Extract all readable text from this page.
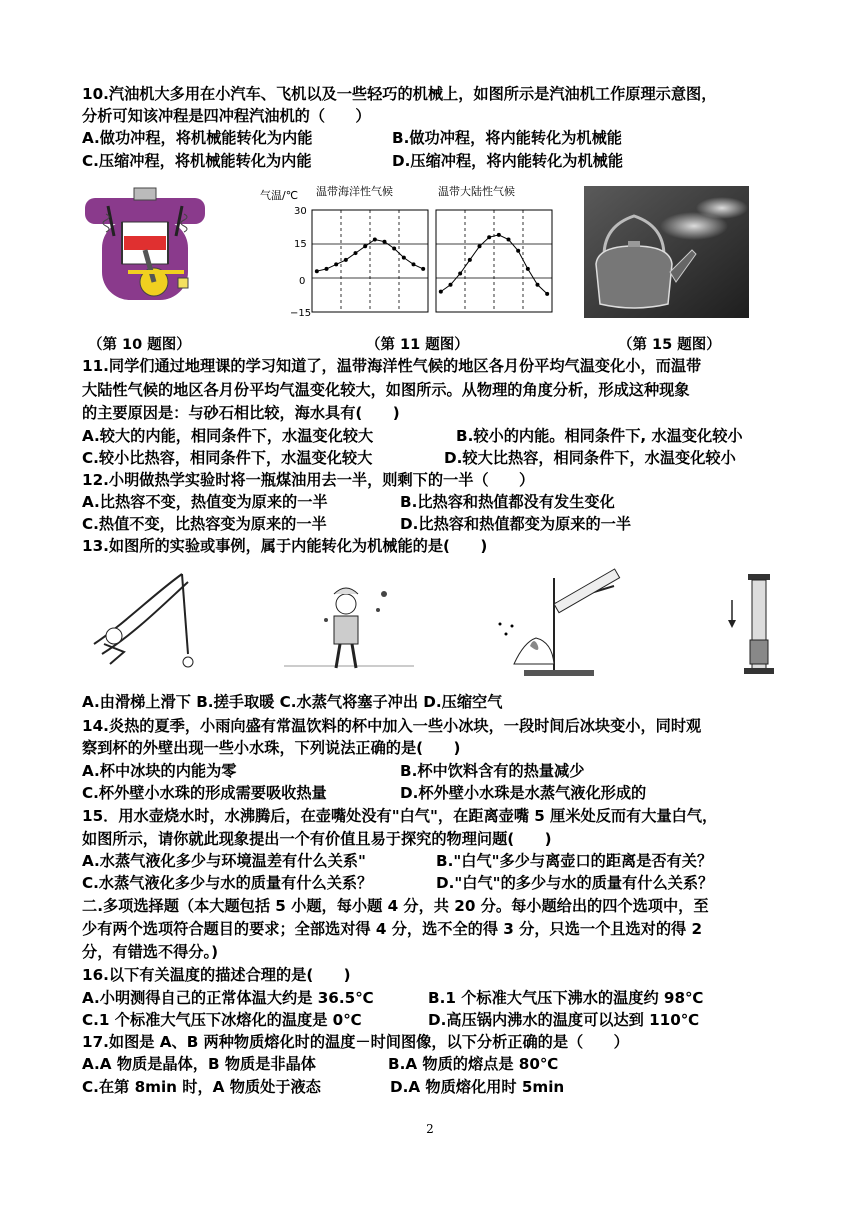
10.汽油机大多用在小汽车、飞机以及一些轻巧的机械上，如图所示是汽油机工作原理示意图，
分析可知该冲程是四冲程汽油机的（　　）
A.做功冲程，将机械能转化为内能	B.做功冲程，将内能转化为机械能
C.压缩冲程，将机械能转化为内能	D.压缩冲程，将内能转化为机械能
气温/℃ 温带海洋性气候	温带大陆性气候
30
15
0
−15
（第 10 题图）	（第 11 题图）	（第 15 题图）
11.同学们通过地理课的学习知道了，温带海洋性气候的地区各月份平均气温变化小，而温带
大陆性气候的地区各月份平均气温变化较大，如图所示。从物理的角度分析，形成这种现象
的主要原因是：与砂石相比较，海水具有(　　)
A.较大的内能，相同条件下，水温变化较大	B.较小的内能。相同条件下, 水温变化较小
C.较小比热容，相同条件下，水温变化较大	D.较大比热容，相同条件下，水温变化较小
12.小明做热学实验时将一瓶煤油用去一半，则剩下的一半（　　）
A.比热容不变，热值变为原来的一半	B.比热容和热值都没有发生变化
C.热值不变，比热容变为原来的一半	D.比热容和热值都变为原来的一半
13.如图所的实验或事例，属于内能转化为机械能的是(　　)
A.由滑梯上滑下 B.搓手取暖 C.水蒸气将塞子冲出 D.压缩空气
14.炎热的夏季，小雨向盛有常温饮料的杯中加入一些小冰块，一段时间后冰块变小，同时观
察到杯的外壁出现一些小水珠，下列说法正确的是(　　)
A.杯中冰块的内能为零	B.杯中饮料含有的热量减少
C.杯外壁小水珠的形成需要吸收热量	D.杯外壁小水珠是水蒸气液化形成的
15．用水壶烧水时，水沸腾后，在壶嘴处没有"白气"，在距离壶嘴 5 厘米处反而有大量白气，
如图所示，请你就此现象提出一个有价值且易于探究的物理问题(　　)
A.水蒸气液化多少与环境温差有什么关系"	B."白气"多少与离壶口的距离是否有关？
C.水蒸气液化多少与水的质量有什么关系？	D."白气"的多少与水的质量有什么关系？
二.多项选择题（本大题包括 5 小题，每小题 4 分，共 20 分。每小题给出的四个选项中，至
少有两个选项符合题目的要求；全部选对得 4 分，选不全的得 3 分，只选一个且选对的得 2
分，有错选不得分。)
16.以下有关温度的描述合理的是(　　)
A.小明测得自己的正常体温大约是 36.5℃	B.1 个标准大气压下沸水的温度约 98℃
C.1 个标准大气压下冰熔化的温度是 0℃	D.高压锅内沸水的温度可以达到 110℃
17.如图是 A、B 两种物质熔化时的温度－时间图像，以下分析正确的是（　　）
A.A 物质是晶体，B 物质是非晶体	B.A 物质的熔点是 80℃
C.在第 8min 时，A 物质处于液态	D.A 物质熔化用时 5min
2
